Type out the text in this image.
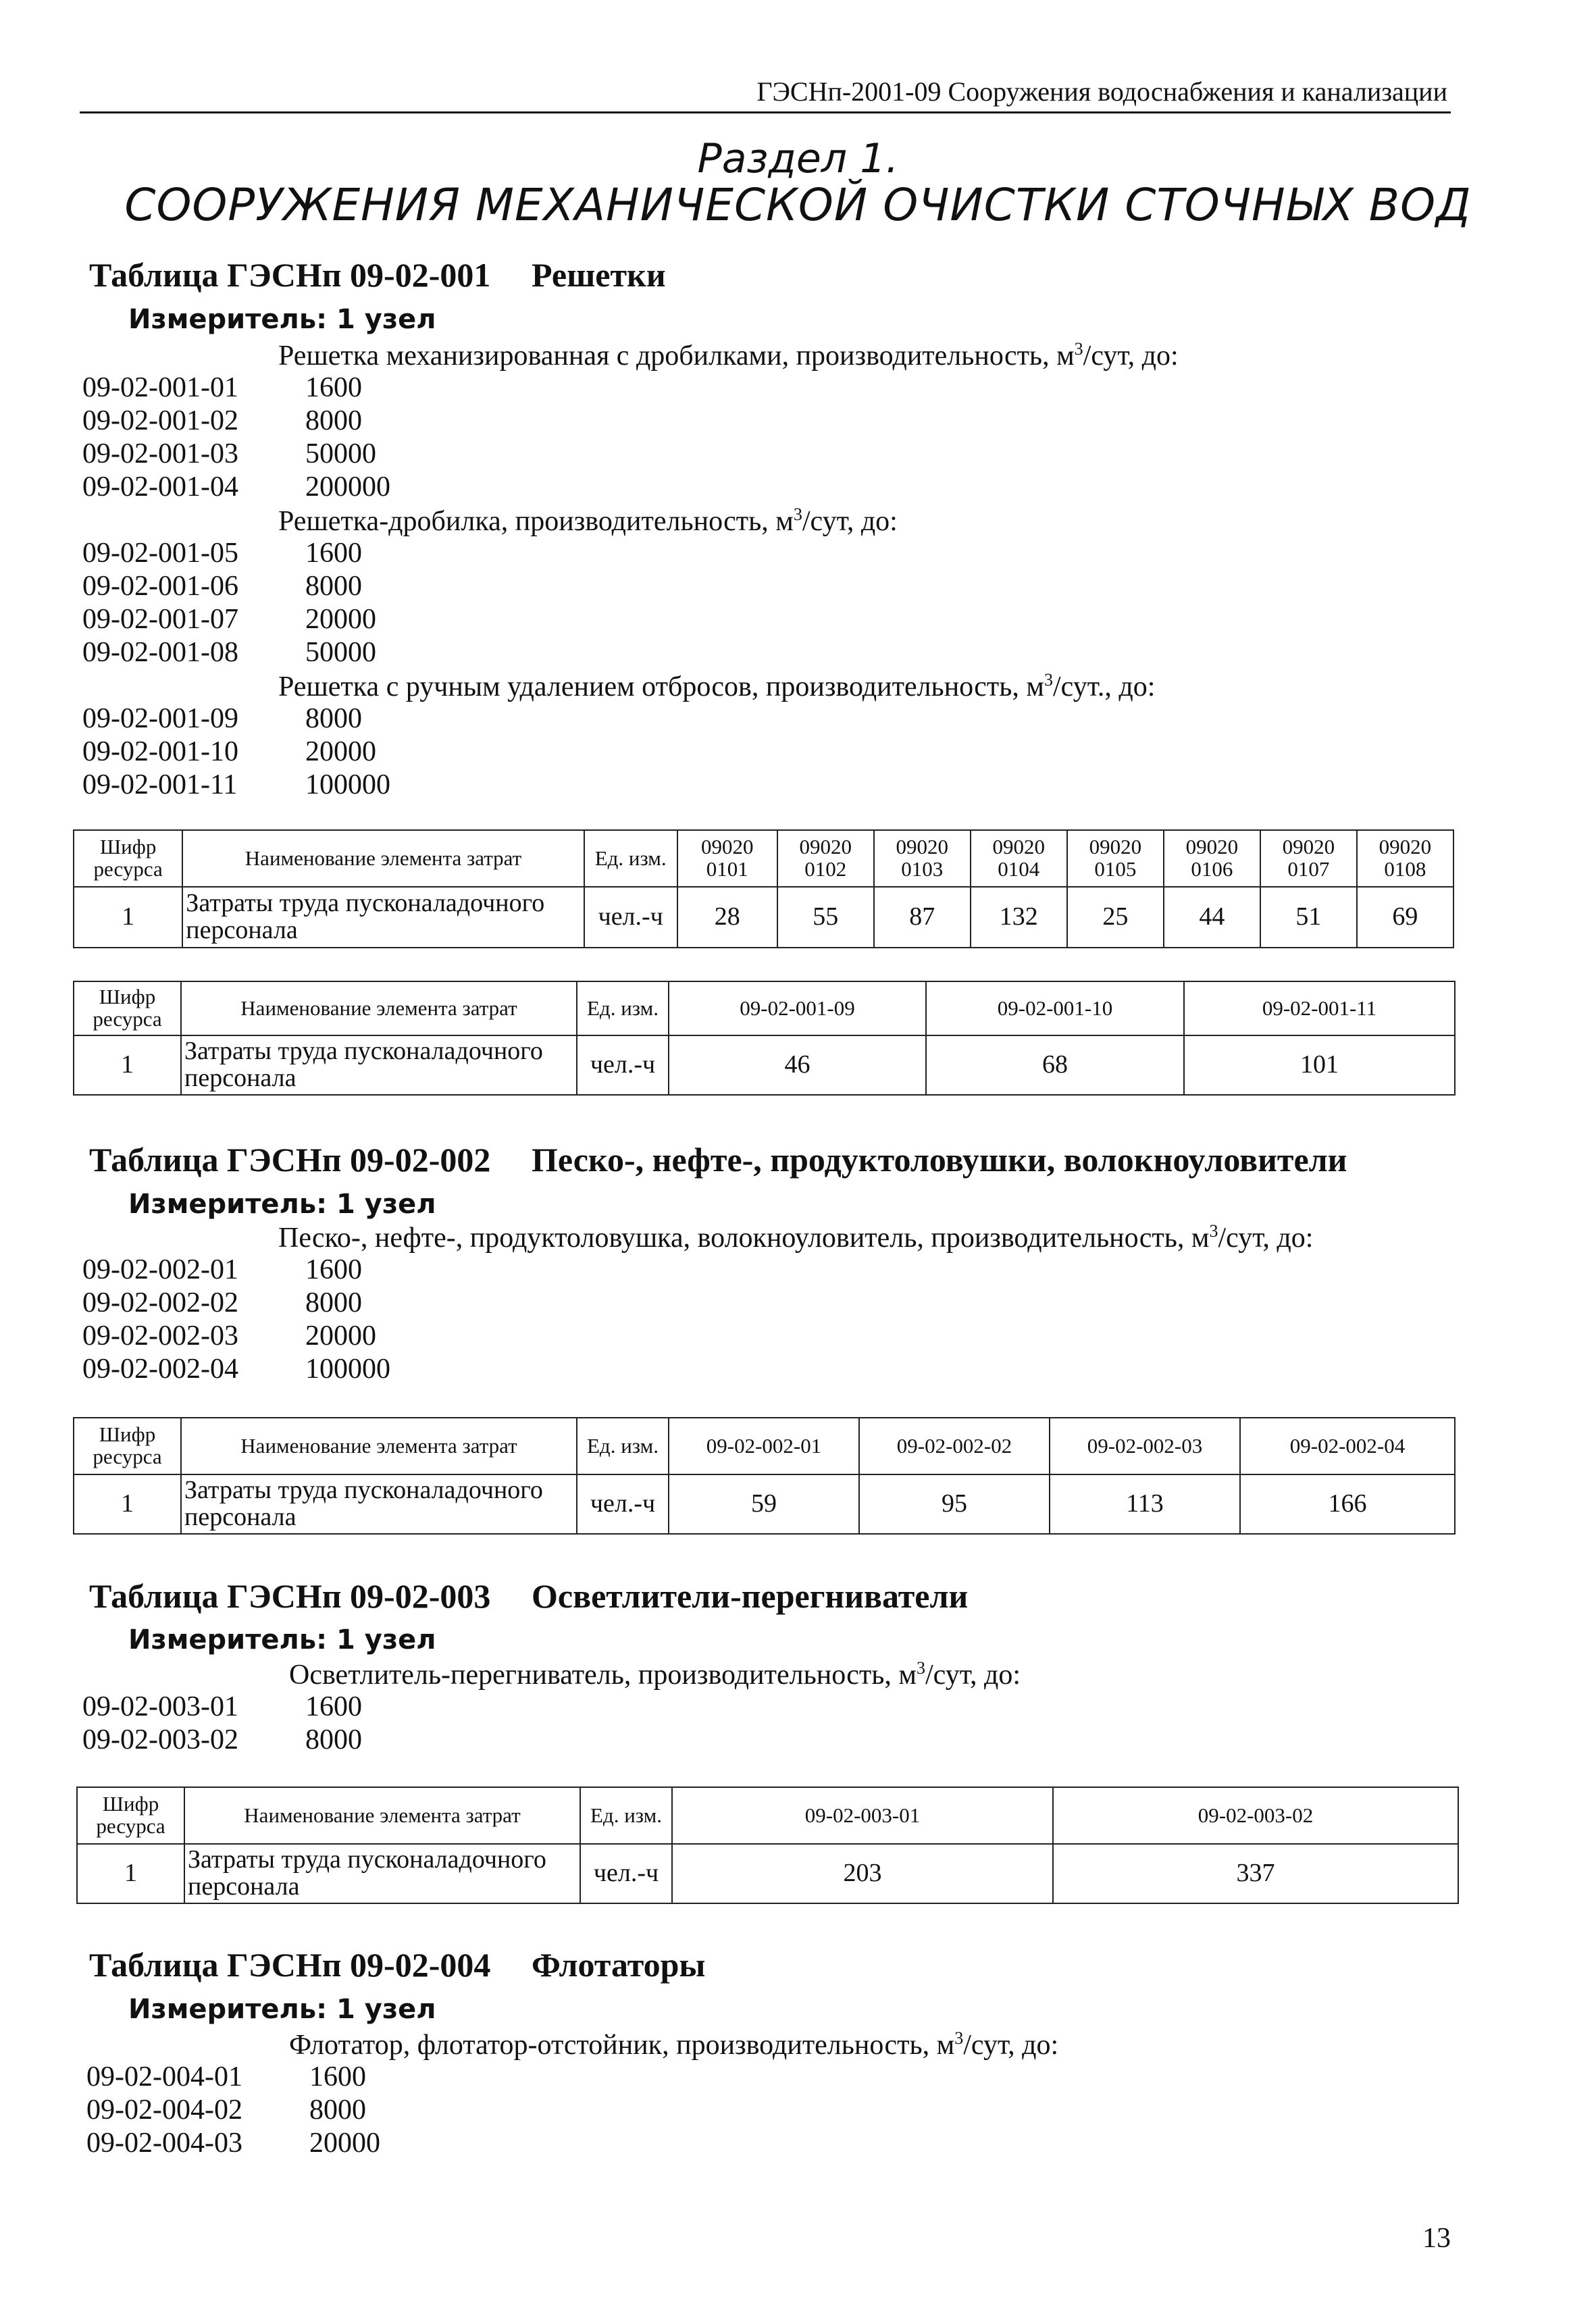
ГЭСНп-2001-09 Сооружения водоснабжения и канализации
Раздел 1.
СООРУЖЕНИЯ МЕХАНИЧЕСКОЙ ОЧИСТКИ СТОЧНЫХ ВОД
Таблица ГЭСНп 09-02-001 Решетки
Измеритель: 1 узел
Решетка механизированная с дробилками, производительность, $м^3$/сут, до:
09-02-001-01	1600
09-02-001-02	8000
09-02-001-03	50000
09-02-001-04	200000
Решетка-дробилка, производительность, $м^3$/сут, до:
09-02-001-05	1600
09-02-001-06	8000
09-02-001-07	20000
09-02-001-08	50000
Решетка с ручным удалением отбросов, производительность, $м^3$/сут., до:
09-02-001-09	8000
09-02-001-10	20000
09-02-001-11	100000
Шифр ресурса	Наименование элемента затрат	Ед. изм.	09020 0101	09020 0102	09020 0103	09020 0104	09020 0105	09020 0106	09020 0107	09020 0108
1	Затраты труда пусконаладочного персонала	чел.-ч	28	55	87	132	25	44	51	69
Шифр ресурса	Наименование элемента затрат	Ед. изм.	09-02-001-09	09-02-001-10	09-02-001-11
1	Затраты труда пусконаладочного персонала	чел.-ч	46	68	101
Таблица ГЭСНп 09-02-002 Песко-, нефте-, продуктоловушки, волокноуловители
Измеритель: 1 узел
Песко-, нефте-, продуктоловушка, волокноуловитель, производительность, $м^3$/сут, до:
09-02-002-01	1600
09-02-002-02	8000
09-02-002-03	20000
09-02-002-04	100000
Шифр ресурса	Наименование элемента затрат	Ед. изм.	09-02-002-01	09-02-002-02	09-02-002-03	09-02-002-04
1	Затраты труда пусконаладочного персонала	чел.-ч	59	95	113	166
Таблица ГЭСНп 09-02-003 Осветлители-перегниватели
Измеритель: 1 узел
Осветлитель-перегниватель, производительность, $м^3$/сут, до:
09-02-003-01	1600
09-02-003-02	8000
Шифр ресурса	Наименование элемента затрат	Ед. изм.	09-02-003-01	09-02-003-02
1	Затраты труда пусконаладочного персонала	чел.-ч	203	337
Таблица ГЭСНп 09-02-004 Флотаторы
Измеритель: 1 узел
Флотатор, флотатор-отстойник, производительность, $м^3$/сут, до:
09-02-004-01	1600
09-02-004-02	8000
09-02-004-03	20000
13
